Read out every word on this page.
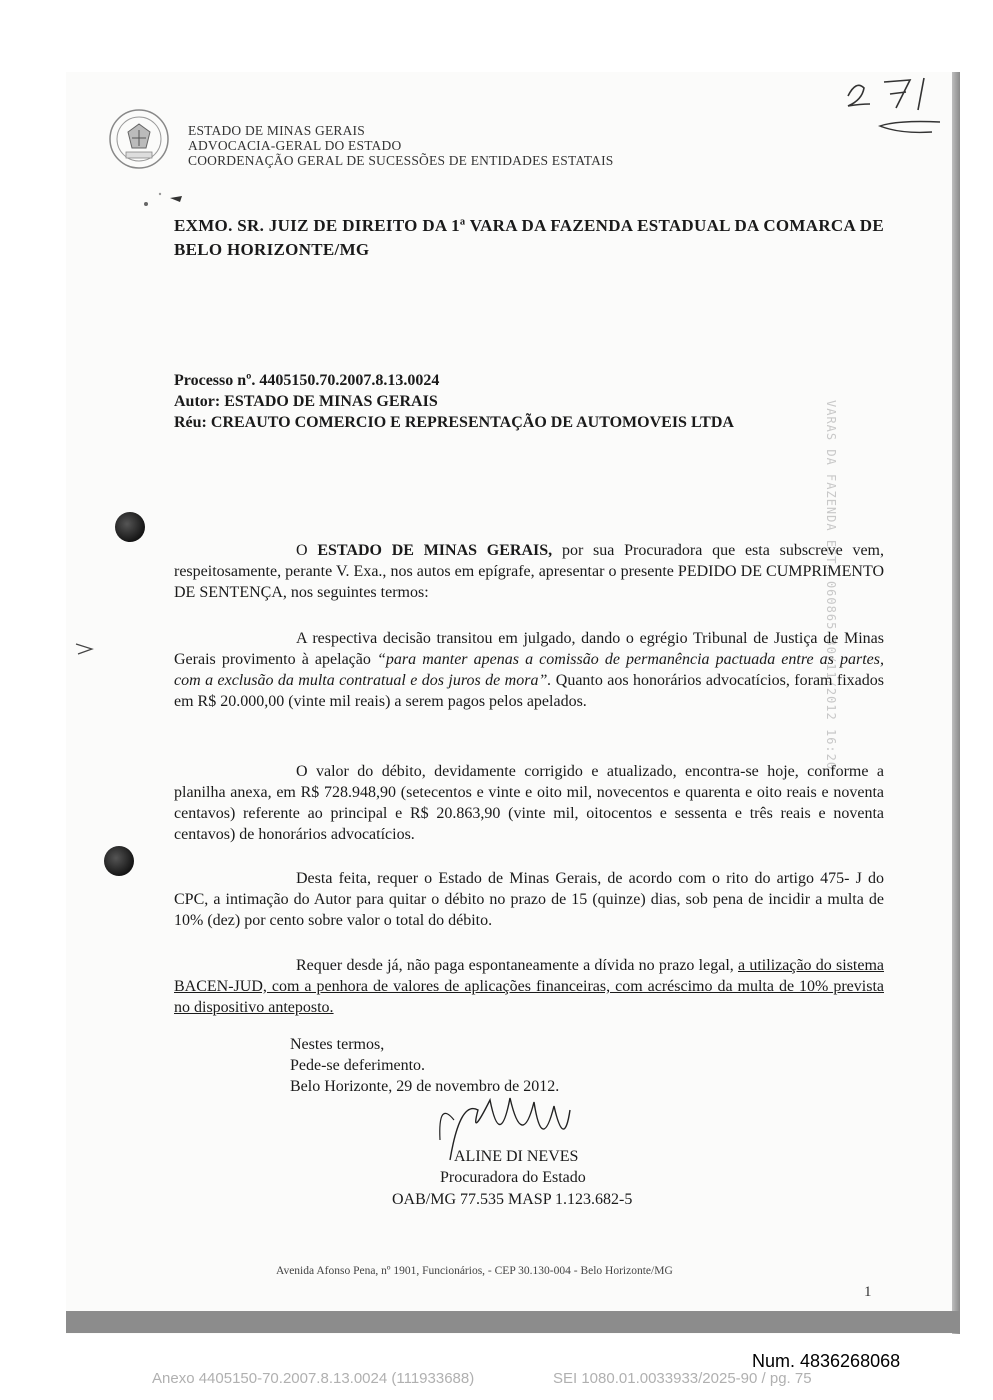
ESTADO DE MINAS GERAIS
ADVOCACIA-GERAL DO ESTADO
COORDENAÇÃO GERAL DE SUCESSÕES DE ENTIDADES ESTATAIS
EXMO. SR. JUIZ DE DIREITO DA 1ª VARA DA FAZENDA ESTADUAL DA COMARCA DE BELO HORIZONTE/MG
Processo nº. 4405150.70.2007.8.13.0024
Autor: ESTADO DE MINAS GERAIS
Réu: CREAUTO COMERCIO E REPRESENTAÇÃO DE AUTOMOVEIS LTDA	VARAS DA FAZENDA EST. 060865 30/11/2012 16:20
O ESTADO DE MINAS GERAIS, por sua Procuradora que esta subscreve vem, respeitosamente, perante V. Exa., nos autos em epígrafe, apresentar o presente PEDIDO DE CUMPRIMENTO DE SENTENÇA, nos seguintes termos:
A respectiva decisão transitou em julgado, dando o egrégio Tribunal de Justiça de Minas Gerais provimento à apelação “para manter apenas a comissão de permanência pactuada entre as partes, com a exclusão da multa contratual e dos juros de mora”. Quanto aos honorários advocatícios, foram fixados em R$ 20.000,00 (vinte mil reais) a serem pagos pelos apelados.
O valor do débito, devidamente corrigido e atualizado, encontra-se hoje, conforme a planilha anexa, em R$ 728.948,90 (setecentos e vinte e oito mil, novecentos e quarenta e oito reais e noventa centavos) referente ao principal e R$ 20.863,90 (vinte mil, oitocentos e sessenta e três reais e noventa centavos) de honorários advocatícios.
Desta feita, requer o Estado de Minas Gerais, de acordo com o rito do artigo 475- J do CPC, a intimação do Autor para quitar o débito no prazo de 15 (quinze) dias, sob pena de incidir a multa de 10% (dez) por cento sobre valor o total do débito.
Requer desde já, não paga espontaneamente a dívida no prazo legal, a utilização do sistema BACEN-JUD, com a penhora de valores de aplicações financeiras, com acréscimo da multa de 10% prevista no dispositivo anteposto.
Nestes termos,
Pede-se deferimento.
Belo Horizonte, 29 de novembro de 2012.
ALINE DI NEVES
Procuradora do Estado
OAB/MG 77.535 MASP 1.123.682-5
Avenida Afonso Pena, nº 1901, Funcionários, - CEP 30.130-004 - Belo Horizonte/MG
1
Num. 4836268068
Anexo 4405150-70.2007.8.13.0024 (111933688)	SEI 1080.01.0033933/2025-90 / pg. 75
